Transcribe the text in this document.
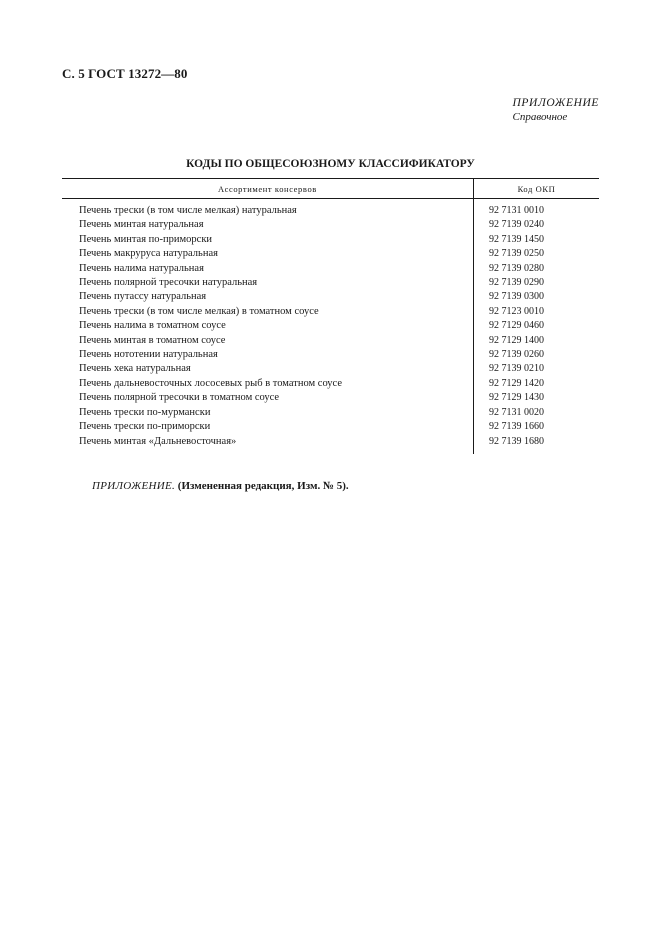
С. 5 ГОСТ 13272—80
ПРИЛОЖЕНИЕ
Справочное
КОДЫ ПО ОБЩЕСОЮЗНОМУ КЛАССИФИКАТОРУ
Ассортимент консервов	Код ОКП

Печень трески (в том числе мелкая) натуральная	92 7131 0010
Печень минтая натуральная	92 7139 0240
Печень минтая по-приморски	92 7139 1450
Печень макруруса натуральная	92 7139 0250
Печень налима натуральная	92 7139 0280
Печень полярной тресочки натуральная	92 7139 0290
Печень путассу натуральная	92 7139 0300
Печень трески (в том числе мелкая) в томатном соусе	92 7123 0010
Печень налима в томатном соусе	92 7129 0460
Печень минтая в томатном соусе	92 7129 1400
Печень нототении натуральная	92 7139 0260
Печень хека натуральная	92 7139 0210
Печень дальневосточных лососевых рыб в томатном соусе	92 7129 1420
Печень полярной тресочки в томатном соусе	92 7129 1430
Печень трески по-мурмански	92 7131 0020
Печень трески по-приморски	92 7139 1660
Печень минтая «Дальневосточная»	92 7139 1680

ПРИЛОЖЕНИЕ. (Измененная редакция, Изм. № 5).
